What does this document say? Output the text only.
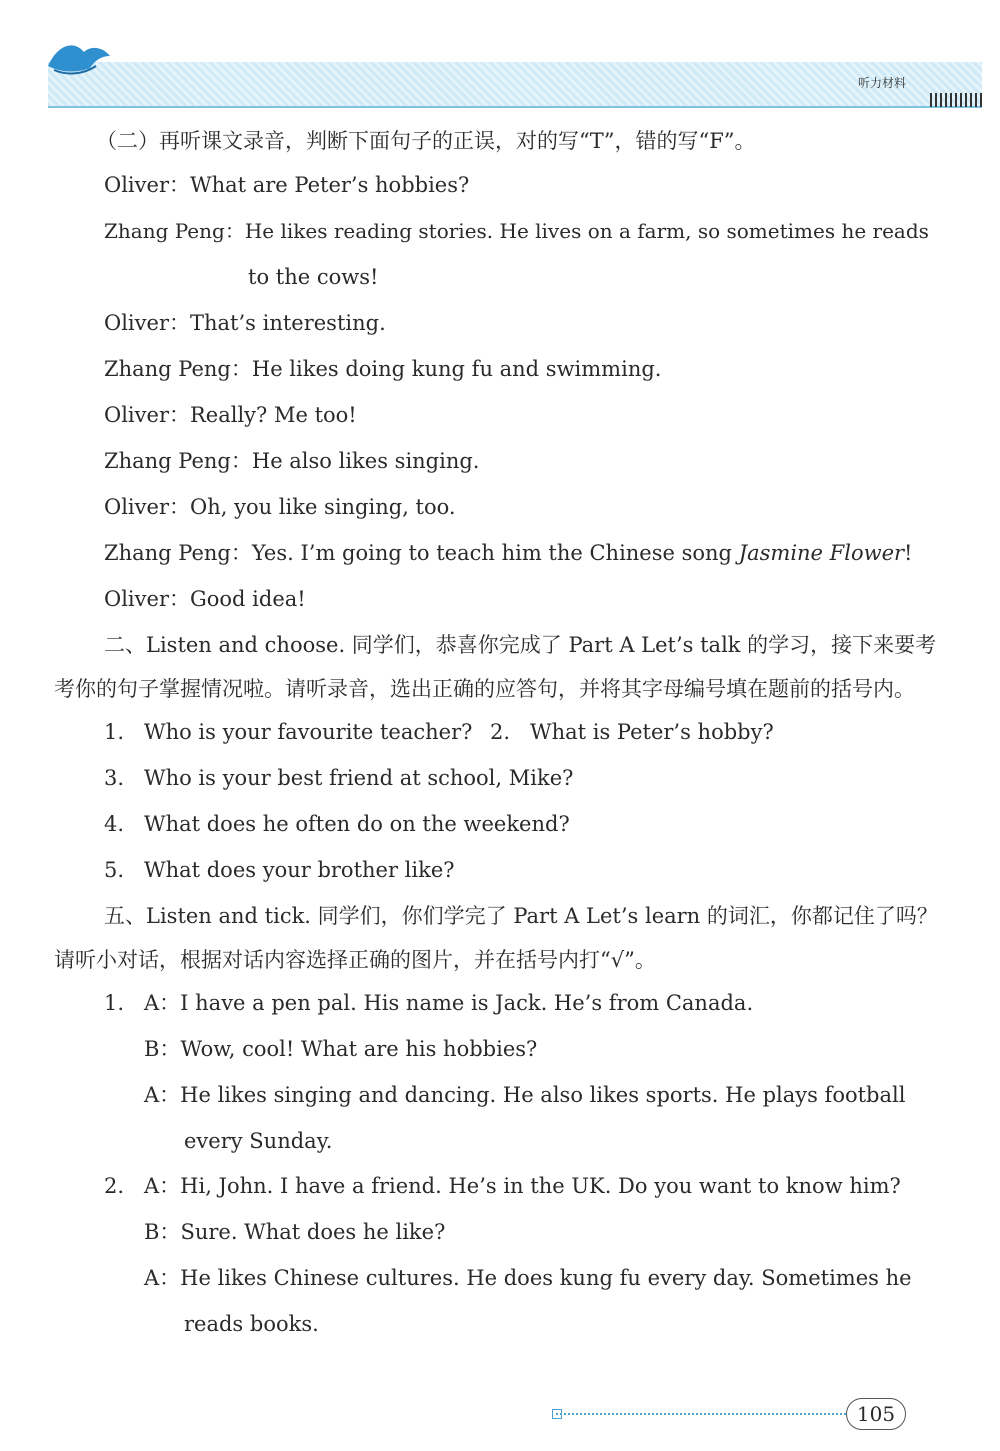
听力材料
（二）再听课文录音，判断下面句子的正误，对的写“T”，错的写“F”。
Oliver：What are Peter’s hobbies?
Zhang Peng：He likes reading stories. He lives on a farm, so sometimes he reads
to the cows!
Oliver：That’s interesting.
Zhang Peng：He likes doing kung fu and swimming.
Oliver：Really? Me too!
Zhang Peng：He also likes singing.
Oliver：Oh, you like singing, too.
Zhang Peng：Yes. I’m going to teach him the Chinese song Jasmine Flower!
Oliver：Good idea!
二、Listen and choose. 同学们，恭喜你完成了 Part A Let’s talk 的学习，接下来要考
考你的句子掌握情况啦。请听录音，选出正确的应答句，并将其字母编号填在题前的括号内。
1. Who is your favourite teacher? 2. What is Peter’s hobby?
3. Who is your best friend at school, Mike?
4. What does he often do on the weekend?
5. What does your brother like?
五、Listen and tick. 同学们，你们学完了 Part A Let’s learn 的词汇，你都记住了吗？
请听小对话，根据对话内容选择正确的图片，并在括号内打“√”。
1. A：I have a pen pal. His name is Jack. He’s from Canada.
B：Wow, cool! What are his hobbies?
A：He likes singing and dancing. He also likes sports. He plays football
every Sunday.
2. A：Hi, John. I have a friend. He’s in the UK. Do you want to know him?
B：Sure. What does he like?
A：He likes Chinese cultures. He does kung fu every day. Sometimes he
reads books.
105
